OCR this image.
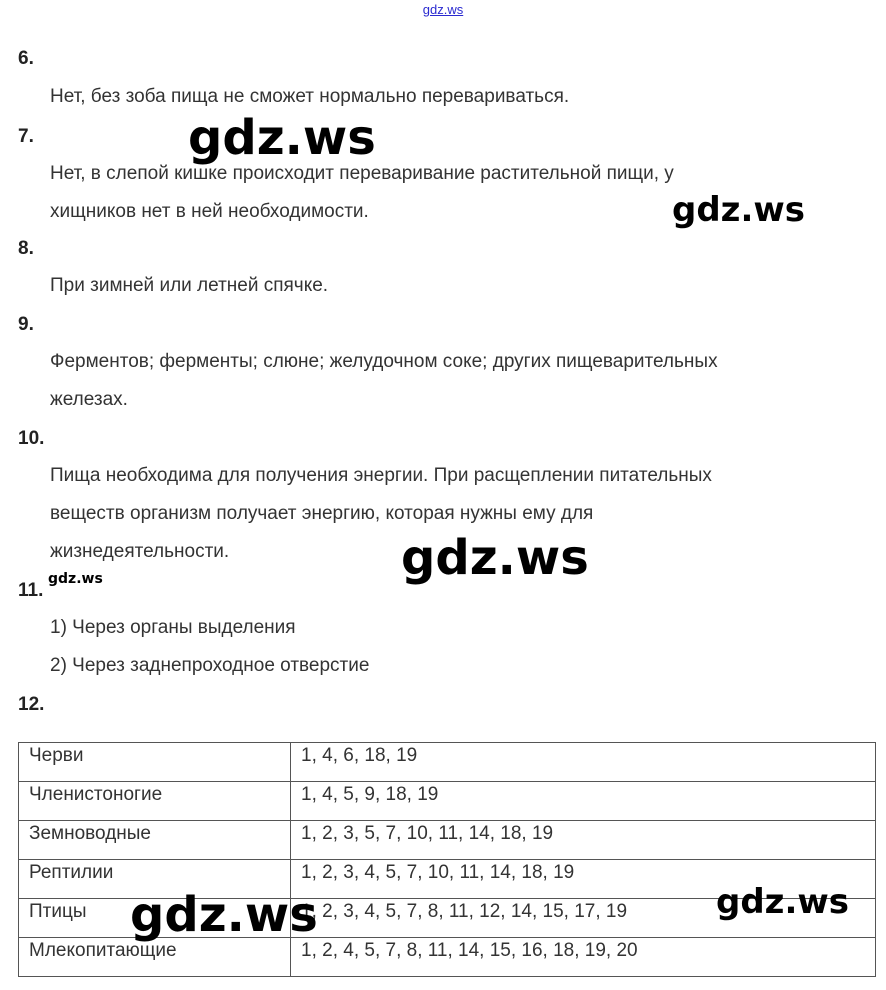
gdz.ws
6.
Нет, без зоба пища не сможет нормально перевариваться.
7.
Нет, в слепой кишке происходит переваривание растительной пищи, у
хищников нет в ней необходимости.
8.
При зимней или летней спячке.
9.
Ферментов; ферменты; слюне; желудочном соке; других пищеварительных
железах.
10.
Пища необходима для получения энергии. При расщеплении питательных
веществ организм получает энергию, которая нужны ему для
жизнедеятельности.
11.
1) Через органы выделения
2) Через заднепроходное отверстие
12.
Черви	1, 4, 6, 18, 19
Членистоногие	1, 4, 5, 9, 18, 19
Земноводные	1, 2, 3, 5, 7, 10, 11, 14, 18, 19
Рептилии	1, 2, 3, 4, 5, 7, 10, 11, 14, 18, 19
Птицы	1, 2, 3, 4, 5, 7, 8, 11, 12, 14, 15, 17, 19
Млекопитающие	1, 2, 4, 5, 7, 8, 11, 14, 15, 16, 18, 19, 20
gdz.ws
gdz.ws
gdz.ws
gdz.ws
gdz.ws	gdz.ws
